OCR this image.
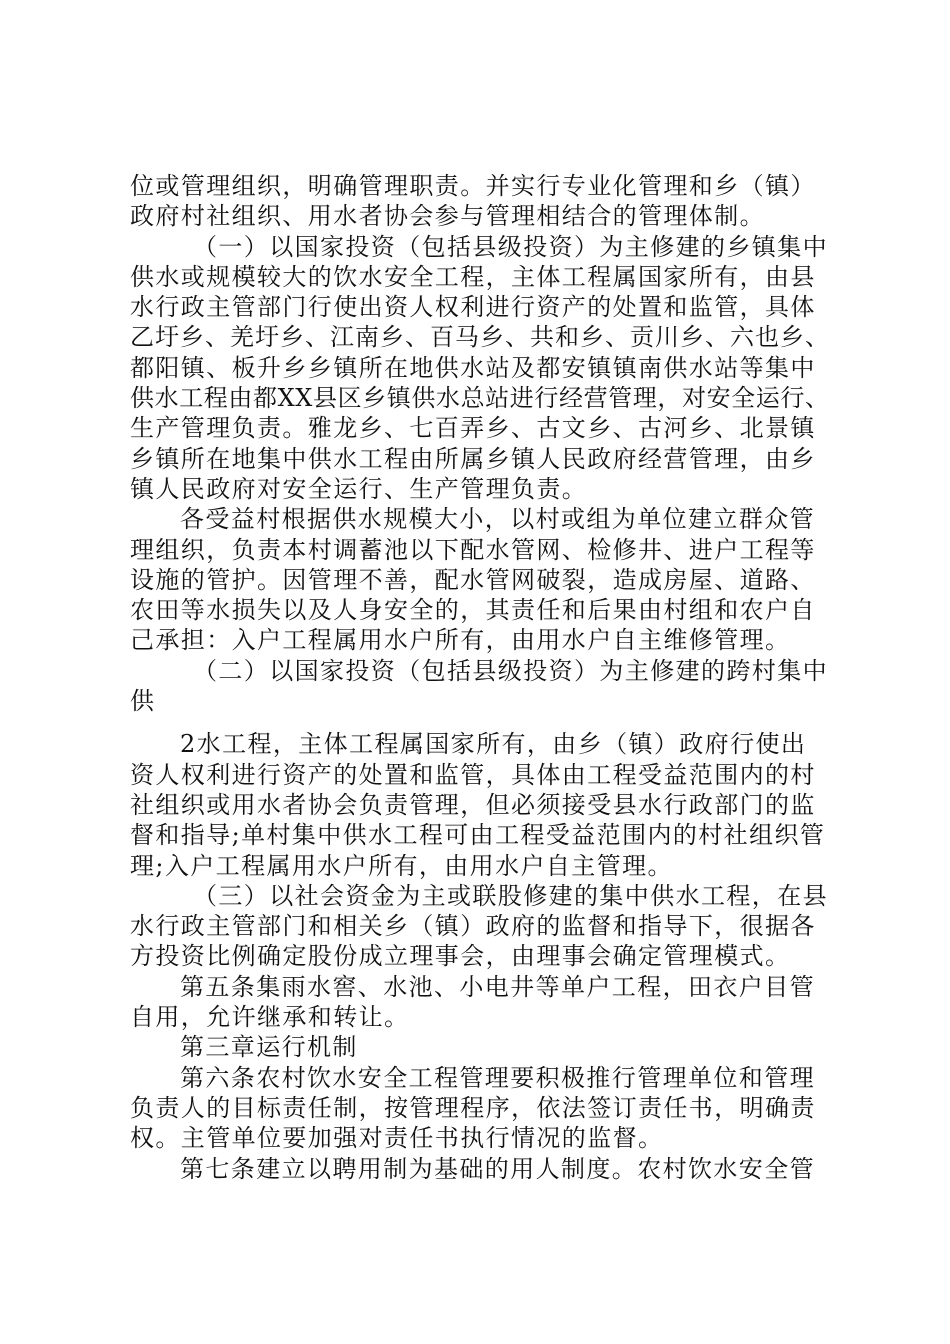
位或管理组织，明确管理职责。并实行专业化管理和乡（镇）
政府村社组织、用水者协会参与管理相结合的管理体制。
（一）以国家投资（包括县级投资）为主修建的乡镇集中
供水或规模较大的饮水安全工程，主体工程属国家所有，由县
水行政主管部门行使出资人权利进行资产的处置和监管，具体
乙圩乡、羌圩乡、江南乡、百马乡、共和乡、贡川乡、六也乡、
都阳镇、板升乡乡镇所在地供水站及都安镇镇南供水站等集中
供水工程由都XX县区乡镇供水总站进行经营管理，对安全运行、
生产管理负责。雅龙乡、七百弄乡、古文乡、古河乡、北景镇
乡镇所在地集中供水工程由所属乡镇人民政府经营管理，由乡
镇人民政府对安全运行、生产管理负责。
各受益村根据供水规模大小，以村或组为单位建立群众管
理组织，负责本村调蓄池以下配水管网、检修井、进户工程等
设施的管护。因管理不善，配水管网破裂，造成房屋、道路、
农田等水损失以及人身安全的，其责任和后果由村组和农户自
己承担：入户工程属用水户所有，由用水户自主维修管理。
（二）以国家投资（包括县级投资）为主修建的跨村集中
供
2水工程，主体工程属国家所有，由乡（镇）政府行使出
资人权利进行资产的处置和监管，具体由工程受益范围内的村
社组织或用水者协会负责管理，但必须接受县水行政部门的监
督和指导;单村集中供水工程可由工程受益范围内的村社组织管
理;入户工程属用水户所有，由用水户自主管理。
（三）以社会资金为主或联股修建的集中供水工程，在县
水行政主管部门和相关乡（镇）政府的监督和指导下，很据各
方投资比例确定股份成立理事会，由理事会确定管理模式。
第五条集雨水窖、水池、小电井等单户工程，田衣户目管
自用，允许继承和转让。
第三章运行机制
第六条农村饮水安全工程管理要积极推行管理单位和管理
负责人的目标责任制，按管理程序，依法签订责任书，明确责
权。主管单位要加强对责任书执行情况的监督。
第七条建立以聘用制为基础的用人制度。农村饮水安全管
